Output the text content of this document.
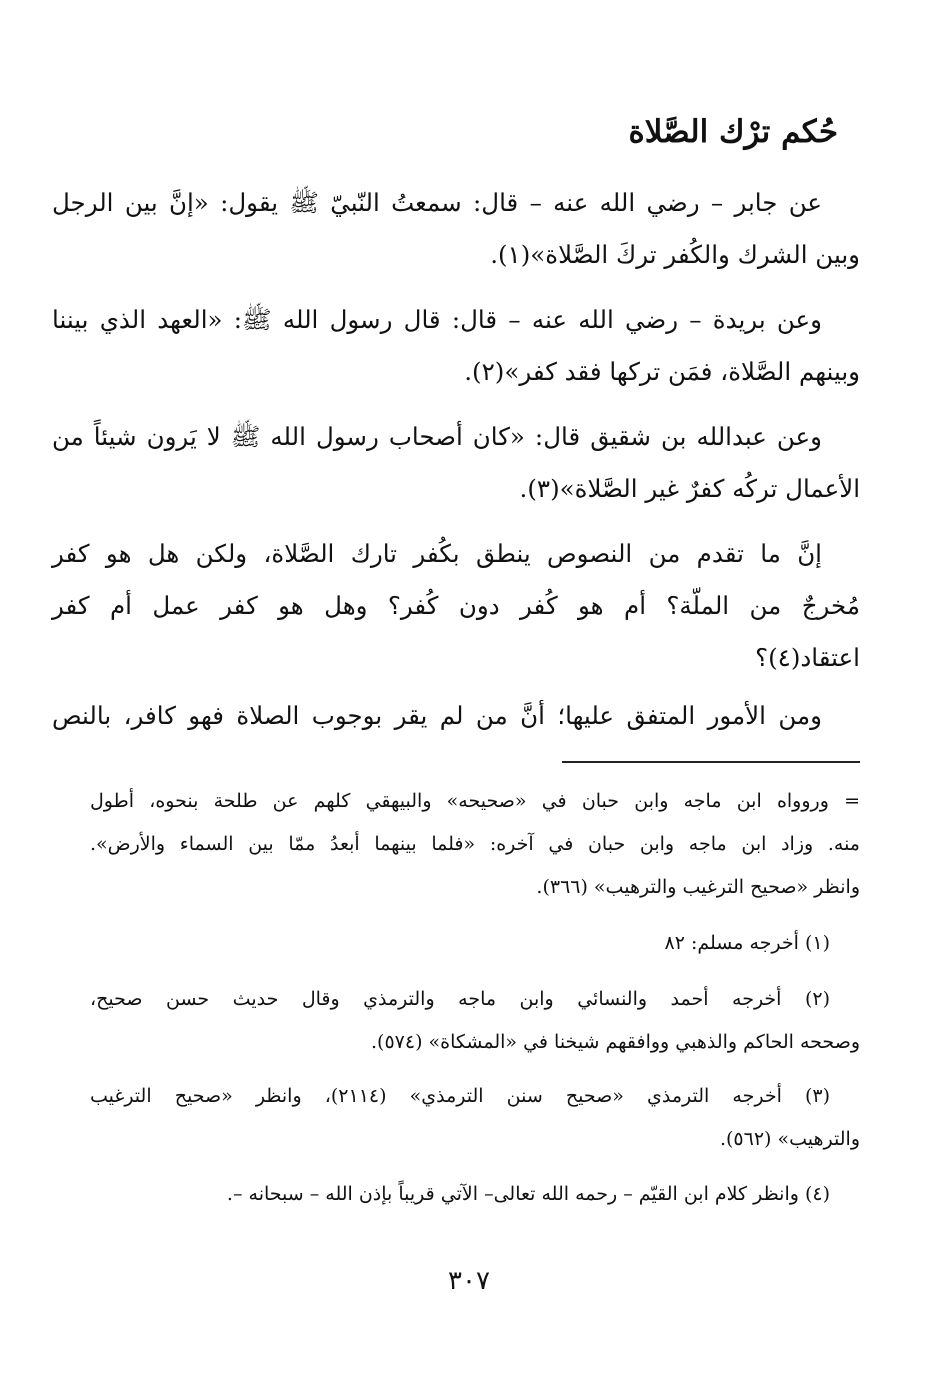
حُكم ترْك الصَّلاة

عن جابر – رضي الله عنه – قال: سمعتُ النّبيّ ﷺ يقول: «إنَّ بين الرجل
وبين الشرك والكُفر تركَ الصَّلاة»(١).

وعن بريدة – رضي الله عنه – قال: قال رسول الله ﷺ: «العهد الذي بيننا
وبينهم الصَّلاة، فمَن تركها فقد كفر»(٢).

وعن عبدالله بن شقيق قال: «كان أصحاب رسول الله ﷺ لا يَرون شيئاً من
الأعمال تركُه كفرٌ غير الصَّلاة»(٣).

إنَّ ما تقدم من النصوص ينطق بكُفر تارك الصَّلاة، ولكن هل هو كفر
مُخرجٌ من الملّة؟ أم هو كُفر دون كُفر؟ وهل هو كفر عمل أم كفر
اعتقاد(٤)؟

ومن الأمور المتفق عليها؛ أنَّ من لم يقر بوجوب الصلاة فهو كافر، بالنص

= وروواه ابن ماجه وابن حبان في «صحيحه» والبيهقي كلهم عن طلحة بنحوه، أطول
منه. وزاد ابن ماجه وابن حبان في آخره: «فلما بينهما أبعدُ ممّا بين السماء والأرض».
وانظر «صحيح الترغيب والترهيب» (٣٦٦).

(١) أخرجه مسلم: ٨٢

(٢) أخرجه أحمد والنسائي وابن ماجه والترمذي وقال حديث حسن صحيح،
وصححه الحاكم والذهبي ووافقهم شيخنا في «المشكاة» (٥٧٤).

(٣) أخرجه الترمذي «صحيح سنن الترمذي» (٢١١٤)، وانظر «صحيح الترغيب
والترهيب» (٥٦٢).

(٤) وانظر كلام ابن القيّم – رحمه الله تعالى– الآتي قريباً بإذن الله – سبحانه –.

٣٠٧
